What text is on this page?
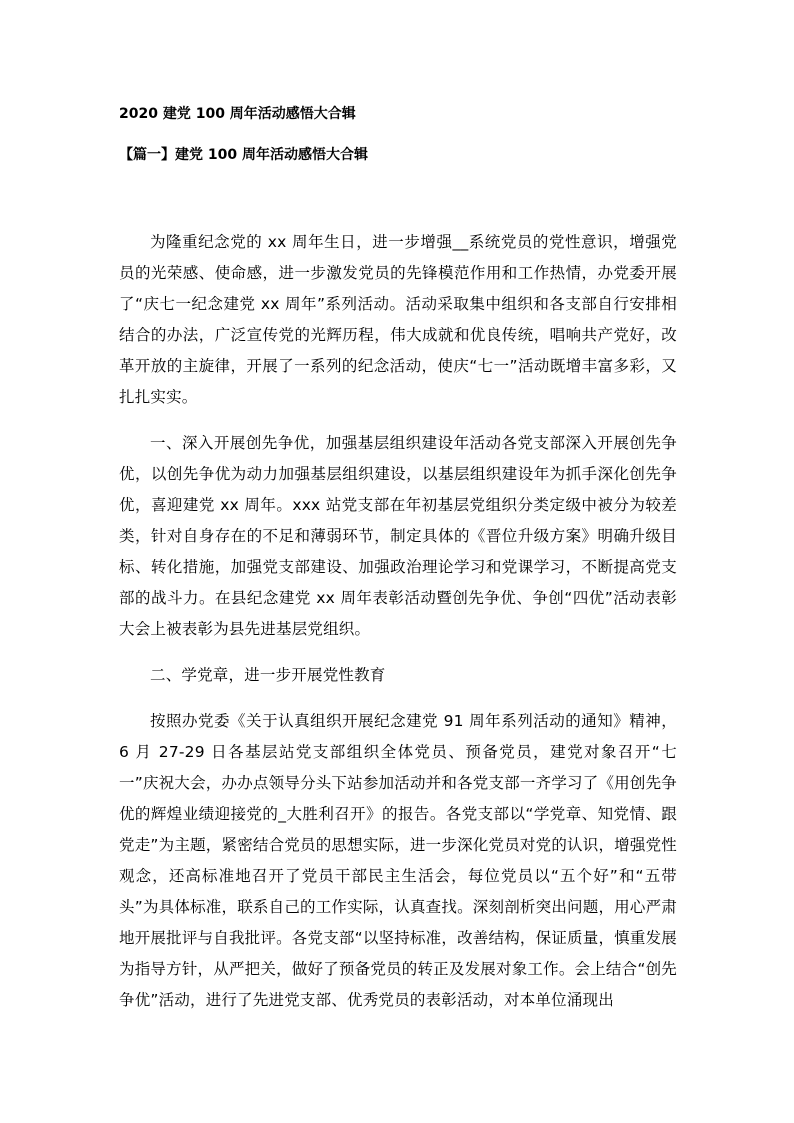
2020 建党 100 周年活动感悟大合辑
【篇一】建党 100 周年活动感悟大合辑

为隆重纪念党的 xx 周年生日，进一步增强__系统党员的党性意识，增强党员的光荣感、使命感，进一步激发党员的先锋模范作用和工作热情，办党委开展了“庆七一纪念建党 xx 周年”系列活动。活动采取集中组织和各支部自行安排相结合的办法，广泛宣传党的光辉历程，伟大成就和优良传统，唱响共产党好，改革开放的主旋律，开展了一系列的纪念活动，使庆“七一”活动既增丰富多彩，又扎扎实实。

一、深入开展创先争优，加强基层组织建设年活动各党支部深入开展创先争优，以创先争优为动力加强基层组织建设，以基层组织建设年为抓手深化创先争优，喜迎建党 xx 周年。xxx 站党支部在年初基层党组织分类定级中被分为较差类，针对自身存在的不足和薄弱环节，制定具体的《晋位升级方案》明确升级目标、转化措施，加强党支部建设、加强政治理论学习和党课学习，不断提高党支部的战斗力。在县纪念建党 xx 周年表彰活动暨创先争优、争创“四优”活动表彰大会上被表彰为县先进基层党组织。

二、学党章，进一步开展党性教育

按照办党委《关于认真组织开展纪念建党 91 周年系列活动的通知》精神，6 月 27-29 日各基层站党支部组织全体党员、预备党员，建党对象召开“七一”庆祝大会，办办点领导分头下站参加活动并和各党支部一齐学习了《用创先争优的辉煌业绩迎接党的_大胜利召开》的报告。各党支部以“学党章、知党情、跟党走”为主题，紧密结合党员的思想实际，进一步深化党员对党的认识，增强党性观念，还高标准地召开了党员干部民主生活会，每位党员以“五个好”和“五带头”为具体标准，联系自己的工作实际，认真查找。深刻剖析突出问题，用心严肃地开展批评与自我批评。各党支部“以坚持标准，改善结构，保证质量，慎重发展为指导方针，从严把关，做好了预备党员的转正及发展对象工作。会上结合“创先争优”活动，进行了先进党支部、优秀党员的表彰活动，对本单位涌现出
